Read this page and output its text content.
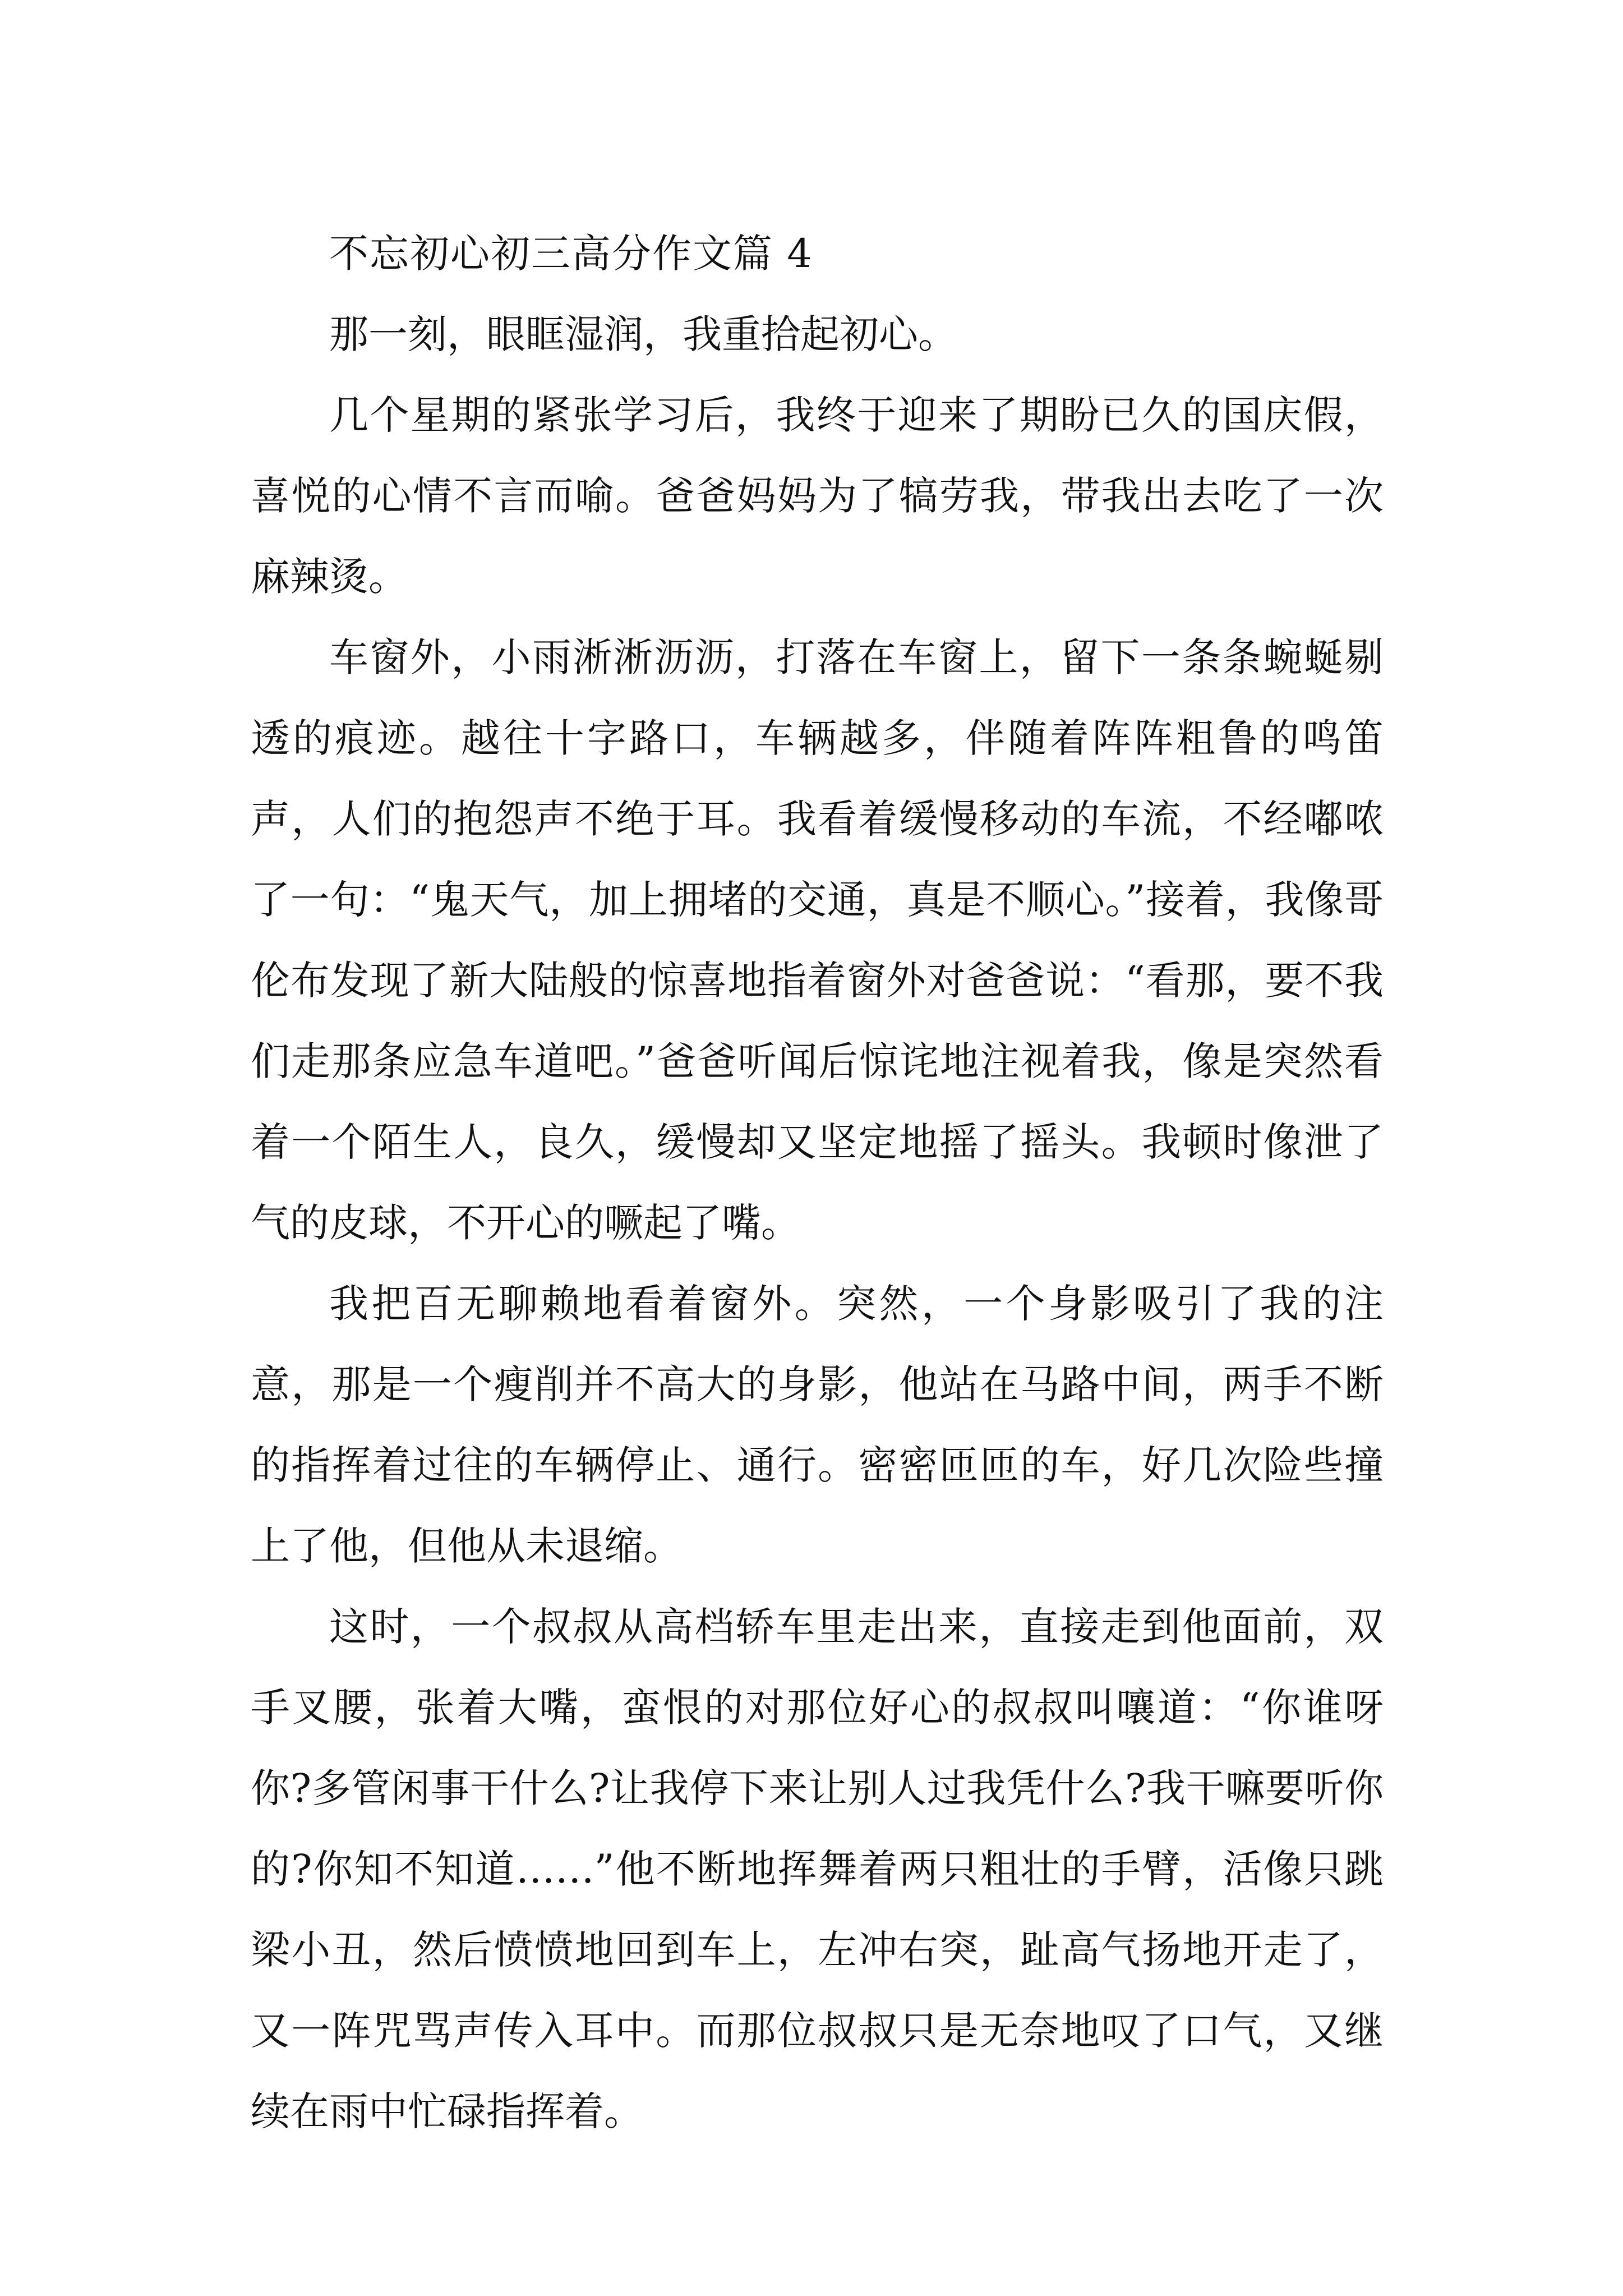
不忘初心初三高分作文篇 4

那一刻，眼眶湿润，我重拾起初心。

几个星期的紧张学习后，我终于迎来了期盼已久的国庆假，喜悦的心情不言而喻。爸爸妈妈为了犒劳我，带我出去吃了一次麻辣烫。

车窗外，小雨淅淅沥沥，打落在车窗上，留下一条条蜿蜒剔透的痕迹。越往十字路口，车辆越多，伴随着阵阵粗鲁的鸣笛声，人们的抱怨声不绝于耳。我看着缓慢移动的车流，不经嘟哝了一句：“鬼天气，加上拥堵的交通，真是不顺心。”接着，我像哥伦布发现了新大陆般的惊喜地指着窗外对爸爸说：“看那，要不我们走那条应急车道吧。”爸爸听闻后惊诧地注视着我，像是突然看着一个陌生人，良久，缓慢却又坚定地摇了摇头。我顿时像泄了气的皮球，不开心的噘起了嘴。

我把百无聊赖地看着窗外。突然，一个身影吸引了我的注意，那是一个瘦削并不高大的身影，他站在马路中间，两手不断的指挥着过往的车辆停止、通行。密密匝匝的车，好几次险些撞上了他，但他从未退缩。

这时，一个叔叔从高档轿车里走出来，直接走到他面前，双手叉腰，张着大嘴，蛮恨的对那位好心的叔叔叫嚷道：“你谁呀你?多管闲事干什么?让我停下来让别人过我凭什么?我干嘛要听你的?你知不知道……”他不断地挥舞着两只粗壮的手臂，活像只跳梁小丑，然后愤愤地回到车上，左冲右突，趾高气扬地开走了，又一阵咒骂声传入耳中。而那位叔叔只是无奈地叹了口气，又继续在雨中忙碌指挥着。
